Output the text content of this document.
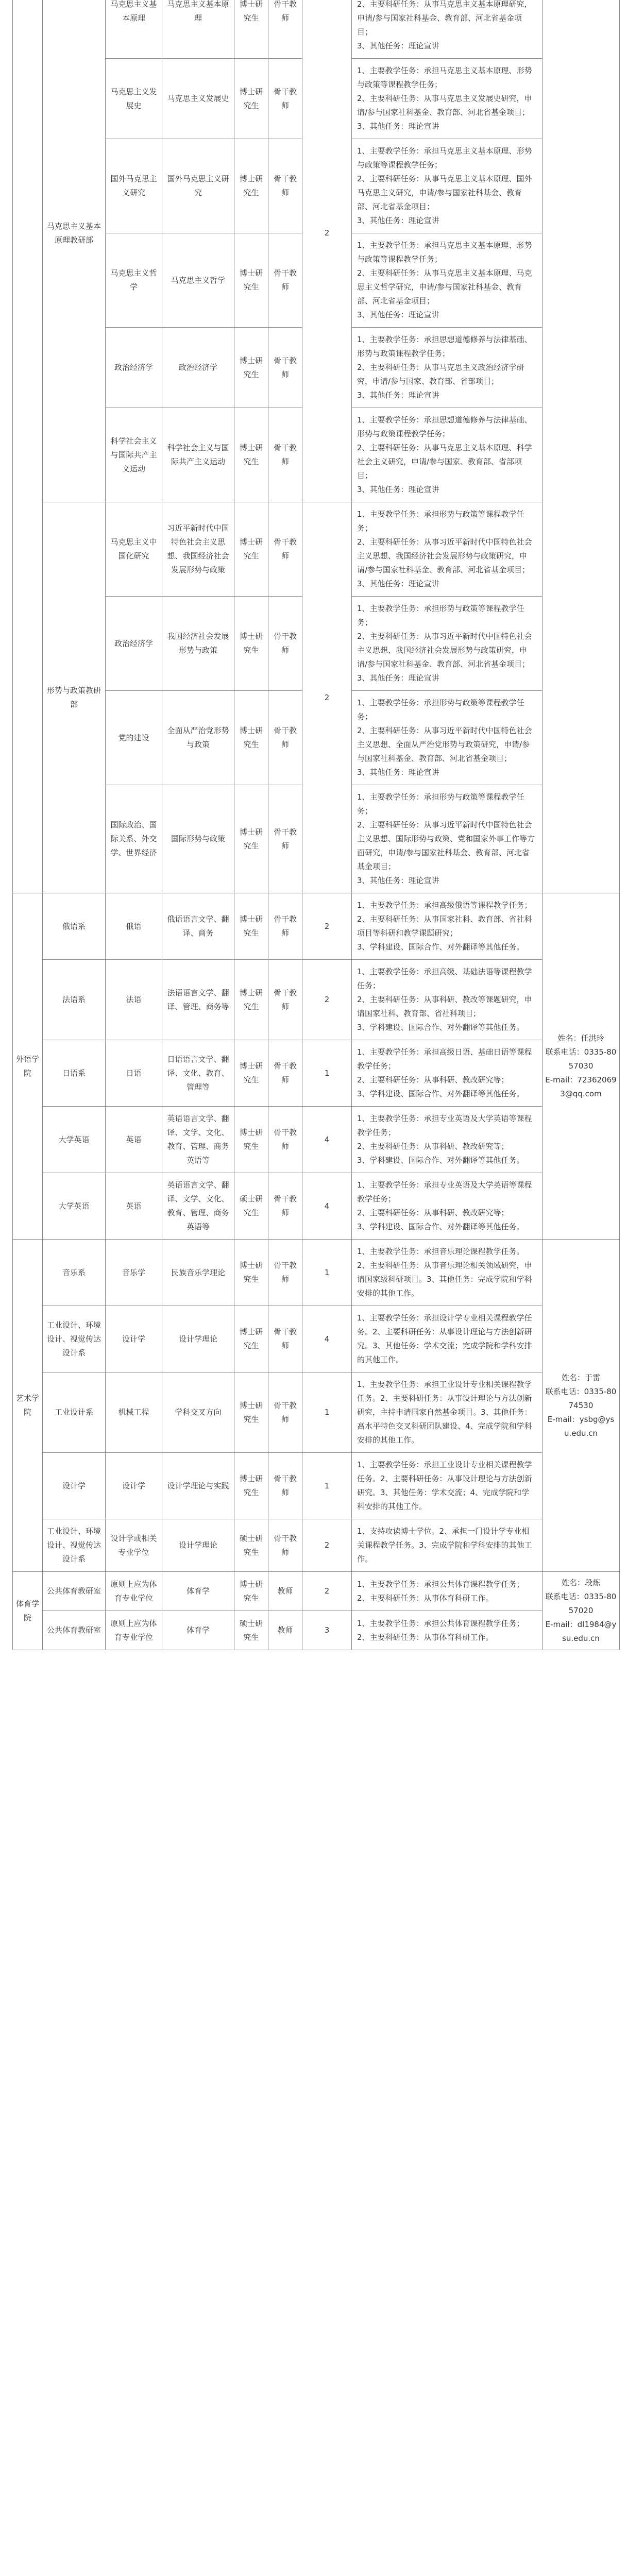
	马克思主义基本原理教研部	马克思主义基本原理	马克思主义基本原理	博士研究生	骨干教师	2	
2、主要科研任务：从事马克思主义基本原理研究，申请/参与国家社科基金、教育部、河北省基金项目；
3、其他任务：理论宣讲	
		马克思主义发展史	马克思主义发展史	博士研究生	骨干教师		1、主要教学任务：承担马克思主义基本原理、形势与政策等课程教学任务；
2、主要科研任务：从事马克思主义发展史研究，申请/参与国家社科基金、教育部、河北省基金项目；
3、其他任务：理论宣讲	
		国外马克思主义研究	国外马克思主义研究	博士研究生	骨干教师		1、主要教学任务：承担马克思主义基本原理、形势与政策等课程教学任务；
2、主要科研任务：从事马克思主义基本原理、国外马克思主义研究，申请/参与国家社科基金、教育部、河北省基金项目；
3、其他任务：理论宣讲	
		马克思主义哲学	马克思主义哲学	博士研究生	骨干教师		1、主要教学任务：承担马克思主义基本原理、形势与政策等课程教学任务；
2、主要科研任务：从事马克思主义基本原理、马克思主义哲学研究，申请/参与国家社科基金、教育部、河北省基金项目；
3、其他任务：理论宣讲	
		政治经济学	政治经济学	博士研究生	骨干教师		1、主要教学任务：承担思想道德修养与法律基础、形势与政策课程教学任务；
2、主要科研任务：从事马克思主义政治经济学研究，申请/参与国家、教育部、省部项目；
3、其他任务：理论宣讲	
		科学社会主义与国际共产主义运动	科学社会主义与国际共产主义运动	博士研究生	骨干教师		1、主要教学任务：承担思想道德修养与法律基础、形势与政策课程教学任务；
2、主要科研任务：从事马克思主义基本原理、科学社会主义研究，申请/参与国家、教育部、省部项目；
3、其他任务：理论宣讲	
	形势与政策教研部	马克思主义中国化研究	习近平新时代中国特色社会主义思想、我国经济社会发展形势与政策	博士研究生	骨干教师	2	1、主要教学任务：承担形势与政策等课程教学任务；
2、主要科研任务：从事习近平新时代中国特色社会主义思想、我国经济社会发展形势与政策研究，申请/参与国家社科基金、教育部、河北省基金项目；
3、其他任务：理论宣讲	
		政治经济学	我国经济社会发展形势与政策	博士研究生	骨干教师		1、主要教学任务：承担形势与政策等课程教学任务；
2、主要科研任务：从事习近平新时代中国特色社会主义思想、我国经济社会发展形势与政策研究，申请/参与国家社科基金、教育部、河北省基金项目；
3、其他任务：理论宣讲	
		党的建设	全面从严治党形势与政策	博士研究生	骨干教师		1、主要教学任务：承担形势与政策等课程教学任务；
2、主要科研任务：从事习近平新时代中国特色社会主义思想、全面从严治党形势与政策研究，申请/参与国家社科基金、教育部、河北省基金项目；
3、其他任务：理论宣讲	
		国际政治、国际关系、外交学、世界经济	国际形势与政策	博士研究生	骨干教师		1、主要教学任务：承担形势与政策等课程教学任务；
2、主要科研任务：从事习近平新时代中国特色社会主义思想、国际形势与政策、党和国家外事工作等方面研究，申请/参与国家社科基金、教育部、河北省基金项目；
3、其他任务：理论宣讲	
外语学院	俄语系	俄语	俄语语言文学、翻译、商务	博士研究生	骨干教师	2	1、主要教学任务：承担高级俄语等课程教学任务；
2、主要科研任务：从事国家社科、教育部、省社科项目等科研和教学课题研究；
3、学科建设、国际合作、对外翻译等其他任务。	姓名：任洪玲
联系电话：0335-8057030
E-mail：723620693@qq.com
	法语系	法语	法语语言文学、翻译、管理、商务等	博士研究生	骨干教师	2	1、主要教学任务：承担高级、基础法语等课程教学任务；
2、主要科研任务：从事科研、教改等课题研究，申请国家社科、教育部、省社科项目；
3、学科建设、国际合作、对外翻译等其他任务。	
	日语系	日语	日语语言文学、翻译、文化、教育、管理等	博士研究生	骨干教师	1	1、主要教学任务：承担高级日语、基础日语等课程教学任务；
2、主要科研任务：从事科研、教改研究等；
3、学科建设、国际合作、对外翻译等其他任务。	
	大学英语	英语	英语语言文学、翻译、文学、文化、教育、管理、商务英语等	博士研究生	骨干教师	4	1、主要教学任务：承担专业英语及大学英语等课程教学任务；
2、主要科研任务：从事科研、教改研究等；
3、学科建设、国际合作、对外翻译等其他任务。	
	大学英语	英语	英语语言文学、翻译、文学、文化、教育、管理、商务英语等	硕士研究生	骨干教师	4	1、主要教学任务：承担专业英语及大学英语等课程教学任务；
2、主要科研任务：从事科研、教改研究等；
3、学科建设、国际合作、对外翻译等其他任务。	
艺术学院	音乐系	音乐学	民族音乐学理论	博士研究生	骨干教师	1	1、主要教学任务：承担音乐理论课程教学任务。
2、主要科研任务：从事音乐理论相关领域研究，申请国家级科研项目。3、其他任务：完成学院和学科安排的其他工作。	姓名：于雷
联系电话：0335-8074530
E-mail：ysbg@ysu.edu.cn
	工业设计、环境设计、视觉传达设计系	设计学	设计学理论	博士研究生	骨干教师	4	1、主要教学任务：承担设计学专业相关课程教学任务。2、主要科研任务：从事设计理论与方法创新研究。3、其他任务：学术交流；完成学院和学科安排的其他工作。	
	工业设计系	机械工程	学科交叉方向	博士研究生	骨干教师	1	1、主要教学任务：承担工业设计专业相关课程教学任务。2、主要科研任务：从事设计理论与方法创新研究，主持申请国家自然基金项目。3、其他任务：高水平特色交叉科研团队建设、4、完成学院和学科安排的其他工作。	
	设计学	设计学	设计学理论与实践	博士研究生	骨干教师	1	1、主要教学任务：承担工业设计专业相关课程教学任务。2、主要科研任务：从事设计理论与方法创新研究。3、其他任务：学术交流；4、完成学院和学科安排的其他工作。	
	工业设计、环境设计、视觉传达设计系	设计学或相关专业学位	设计学理论	硕士研究生	骨干教师	2	1、支持攻读博士学位。2、承担一门设计学专业相关课程教学任务。3、完成学院和学科安排的其他工作。	
体育学院	公共体育教研室	原则上应为体育专业学位	体育学	博士研究生	教师	2	1、主要教学任务：承担公共体育课程教学任务；
2、主要科研任务：从事体育科研工作。	姓名：段炼
联系电话：0335-8057020
E-mail：dl1984@ysu.edu.cn
	公共体育教研室	原则上应为体育专业学位	体育学	硕士研究生	教师	3	1、主要教学任务：承担公共体育课程教学任务；
2、主要科研任务：从事体育科研工作。	
